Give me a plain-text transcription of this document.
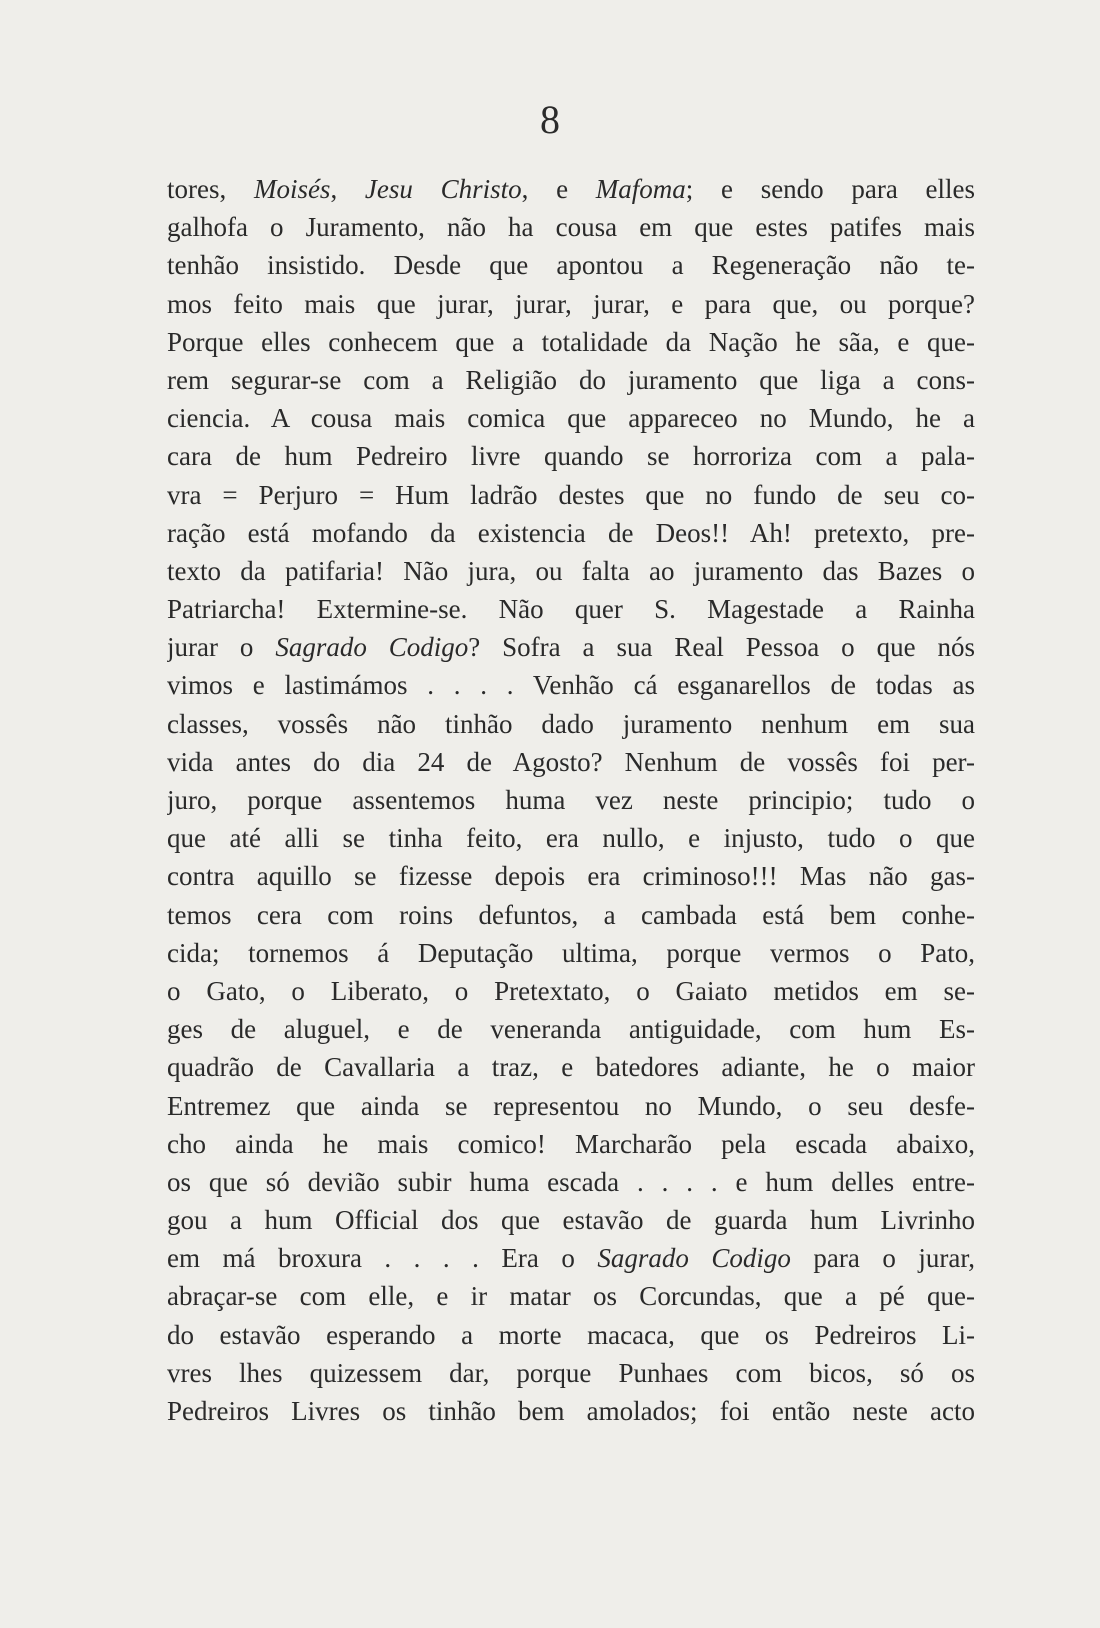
8
tores, Moisés, Jesu Christo, e Mafoma; e sendo para elles
galhofa o Juramento, não ha cousa em que estes patifes mais
tenhão insistido. Desde que apontou a Regeneração não te-
mos feito mais que jurar, jurar, jurar, e para que, ou porque?
Porque elles conhecem que a totalidade da Nação he sãa, e que-
rem segurar-se com a Religião do juramento que liga a cons-
ciencia. A cousa mais comica que appareceo no Mundo, he a
cara de hum Pedreiro livre quando se horroriza com a pala-
vra = Perjuro = Hum ladrão destes que no fundo de seu co-
ração está mofando da existencia de Deos!! Ah! pretexto, pre-
texto da patifaria! Não jura, ou falta ao juramento das Bazes o
Patriarcha! Extermine-se. Não quer S. Magestade a Rainha
jurar o Sagrado Codigo? Sofra a sua Real Pessoa o que nós
vimos e lastimámos . . . . Venhão cá esganarellos de todas as
classes, vossês não tinhão dado juramento nenhum em sua
vida antes do dia 24 de Agosto? Nenhum de vossês foi per-
juro, porque assentemos huma vez neste principio; tudo o
que até alli se tinha feito, era nullo, e injusto, tudo o que
contra aquillo se fizesse depois era criminoso!!! Mas não gas-
temos cera com roins defuntos, a cambada está bem conhe-
cida; tornemos á Deputação ultima, porque vermos o Pato,
o Gato, o Liberato, o Pretextato, o Gaiato metidos em se-
ges de aluguel, e de veneranda antiguidade, com hum Es-
quadrão de Cavallaria a traz, e batedores adiante, he o maior
Entremez que ainda se representou no Mundo, o seu desfe-
cho ainda he mais comico! Marcharão pela escada abaixo,
os que só devião subir huma escada . . . . e hum delles entre-
gou a hum Official dos que estavão de guarda hum Livrinho
em má broxura . . . . Era o Sagrado Codigo para o jurar,
abraçar-se com elle, e ir matar os Corcundas, que a pé que-
do estavão esperando a morte macaca, que os Pedreiros Li-
vres lhes quizessem dar, porque Punhaes com bicos, só os
Pedreiros Livres os tinhão bem amolados; foi então neste acto
